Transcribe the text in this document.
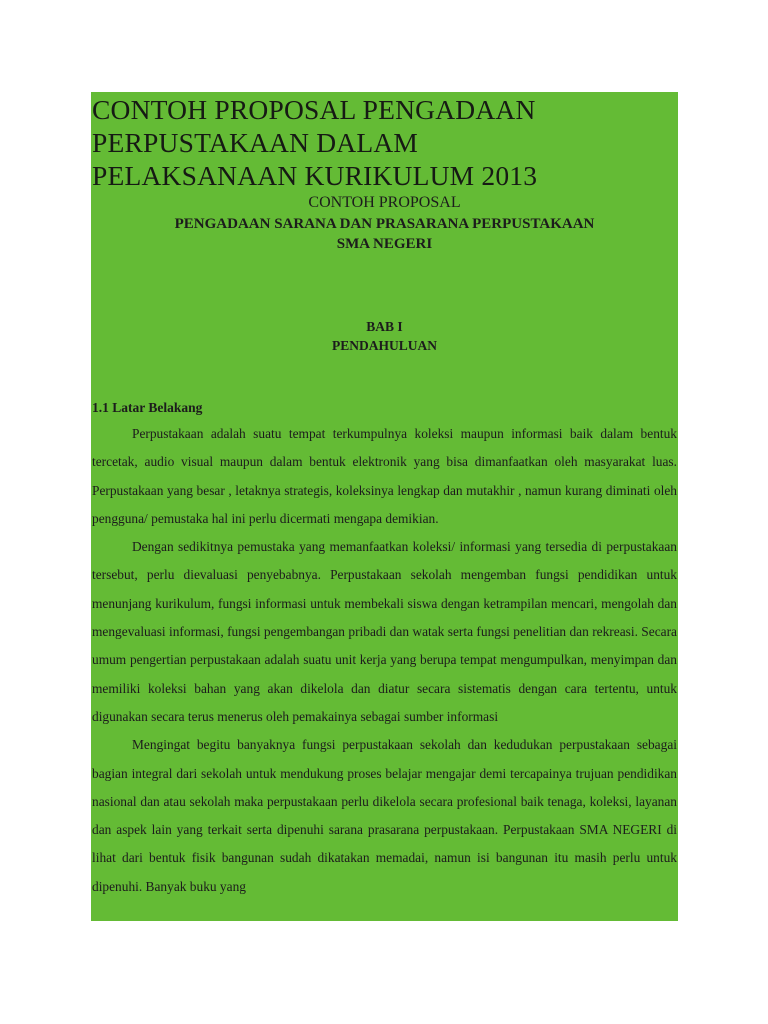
CONTOH PROPOSAL PENGADAAN
PERPUSTAKAAN DALAM
PELAKSANAAN KURIKULUM 2013
CONTOH PROPOSAL
PENGADAAN SARANA DAN PRASARANA PERPUSTAKAAN
SMA NEGERI
BAB I
PENDAHULUAN
1.1 Latar Belakang

Perpustakaan adalah suatu tempat terkumpulnya koleksi maupun informasi baik dalam bentuk tercetak, audio visual maupun dalam bentuk elektronik yang bisa dimanfaatkan oleh masyarakat luas. Perpustakaan yang besar , letaknya strategis, koleksinya lengkap dan mutakhir , namun kurang diminati oleh pengguna/ pemustaka hal ini perlu dicermati mengapa demikian.

Dengan sedikitnya pemustaka yang memanfaatkan koleksi/ informasi yang tersedia di perpustakaan tersebut, perlu dievaluasi penyebabnya. Perpustakaan sekolah mengemban fungsi pendidikan untuk menunjang kurikulum, fungsi informasi untuk membekali siswa dengan ketrampilan mencari, mengolah dan mengevaluasi informasi, fungsi pengembangan pribadi dan watak serta fungsi penelitian dan rekreasi. Secara umum pengertian perpustakaan adalah suatu unit kerja yang berupa tempat mengumpulkan, menyimpan dan memiliki koleksi bahan yang akan dikelola dan diatur secara sistematis dengan cara tertentu, untuk digunakan secara terus menerus oleh pemakainya sebagai sumber informasi

Mengingat begitu banyaknya fungsi perpustakaan sekolah dan kedudukan perpustakaan sebagai bagian integral dari sekolah untuk mendukung proses belajar mengajar demi tercapainya trujuan pendidikan nasional dan atau sekolah maka perpustakaan perlu dikelola secara profesional baik tenaga, koleksi, layanan dan aspek lain yang terkait serta dipenuhi sarana prasarana perpustakaan. Perpustakaan SMA NEGERI di lihat dari bentuk fisik bangunan sudah dikatakan memadai, namun isi bangunan itu masih perlu untuk dipenuhi. Banyak buku yang
